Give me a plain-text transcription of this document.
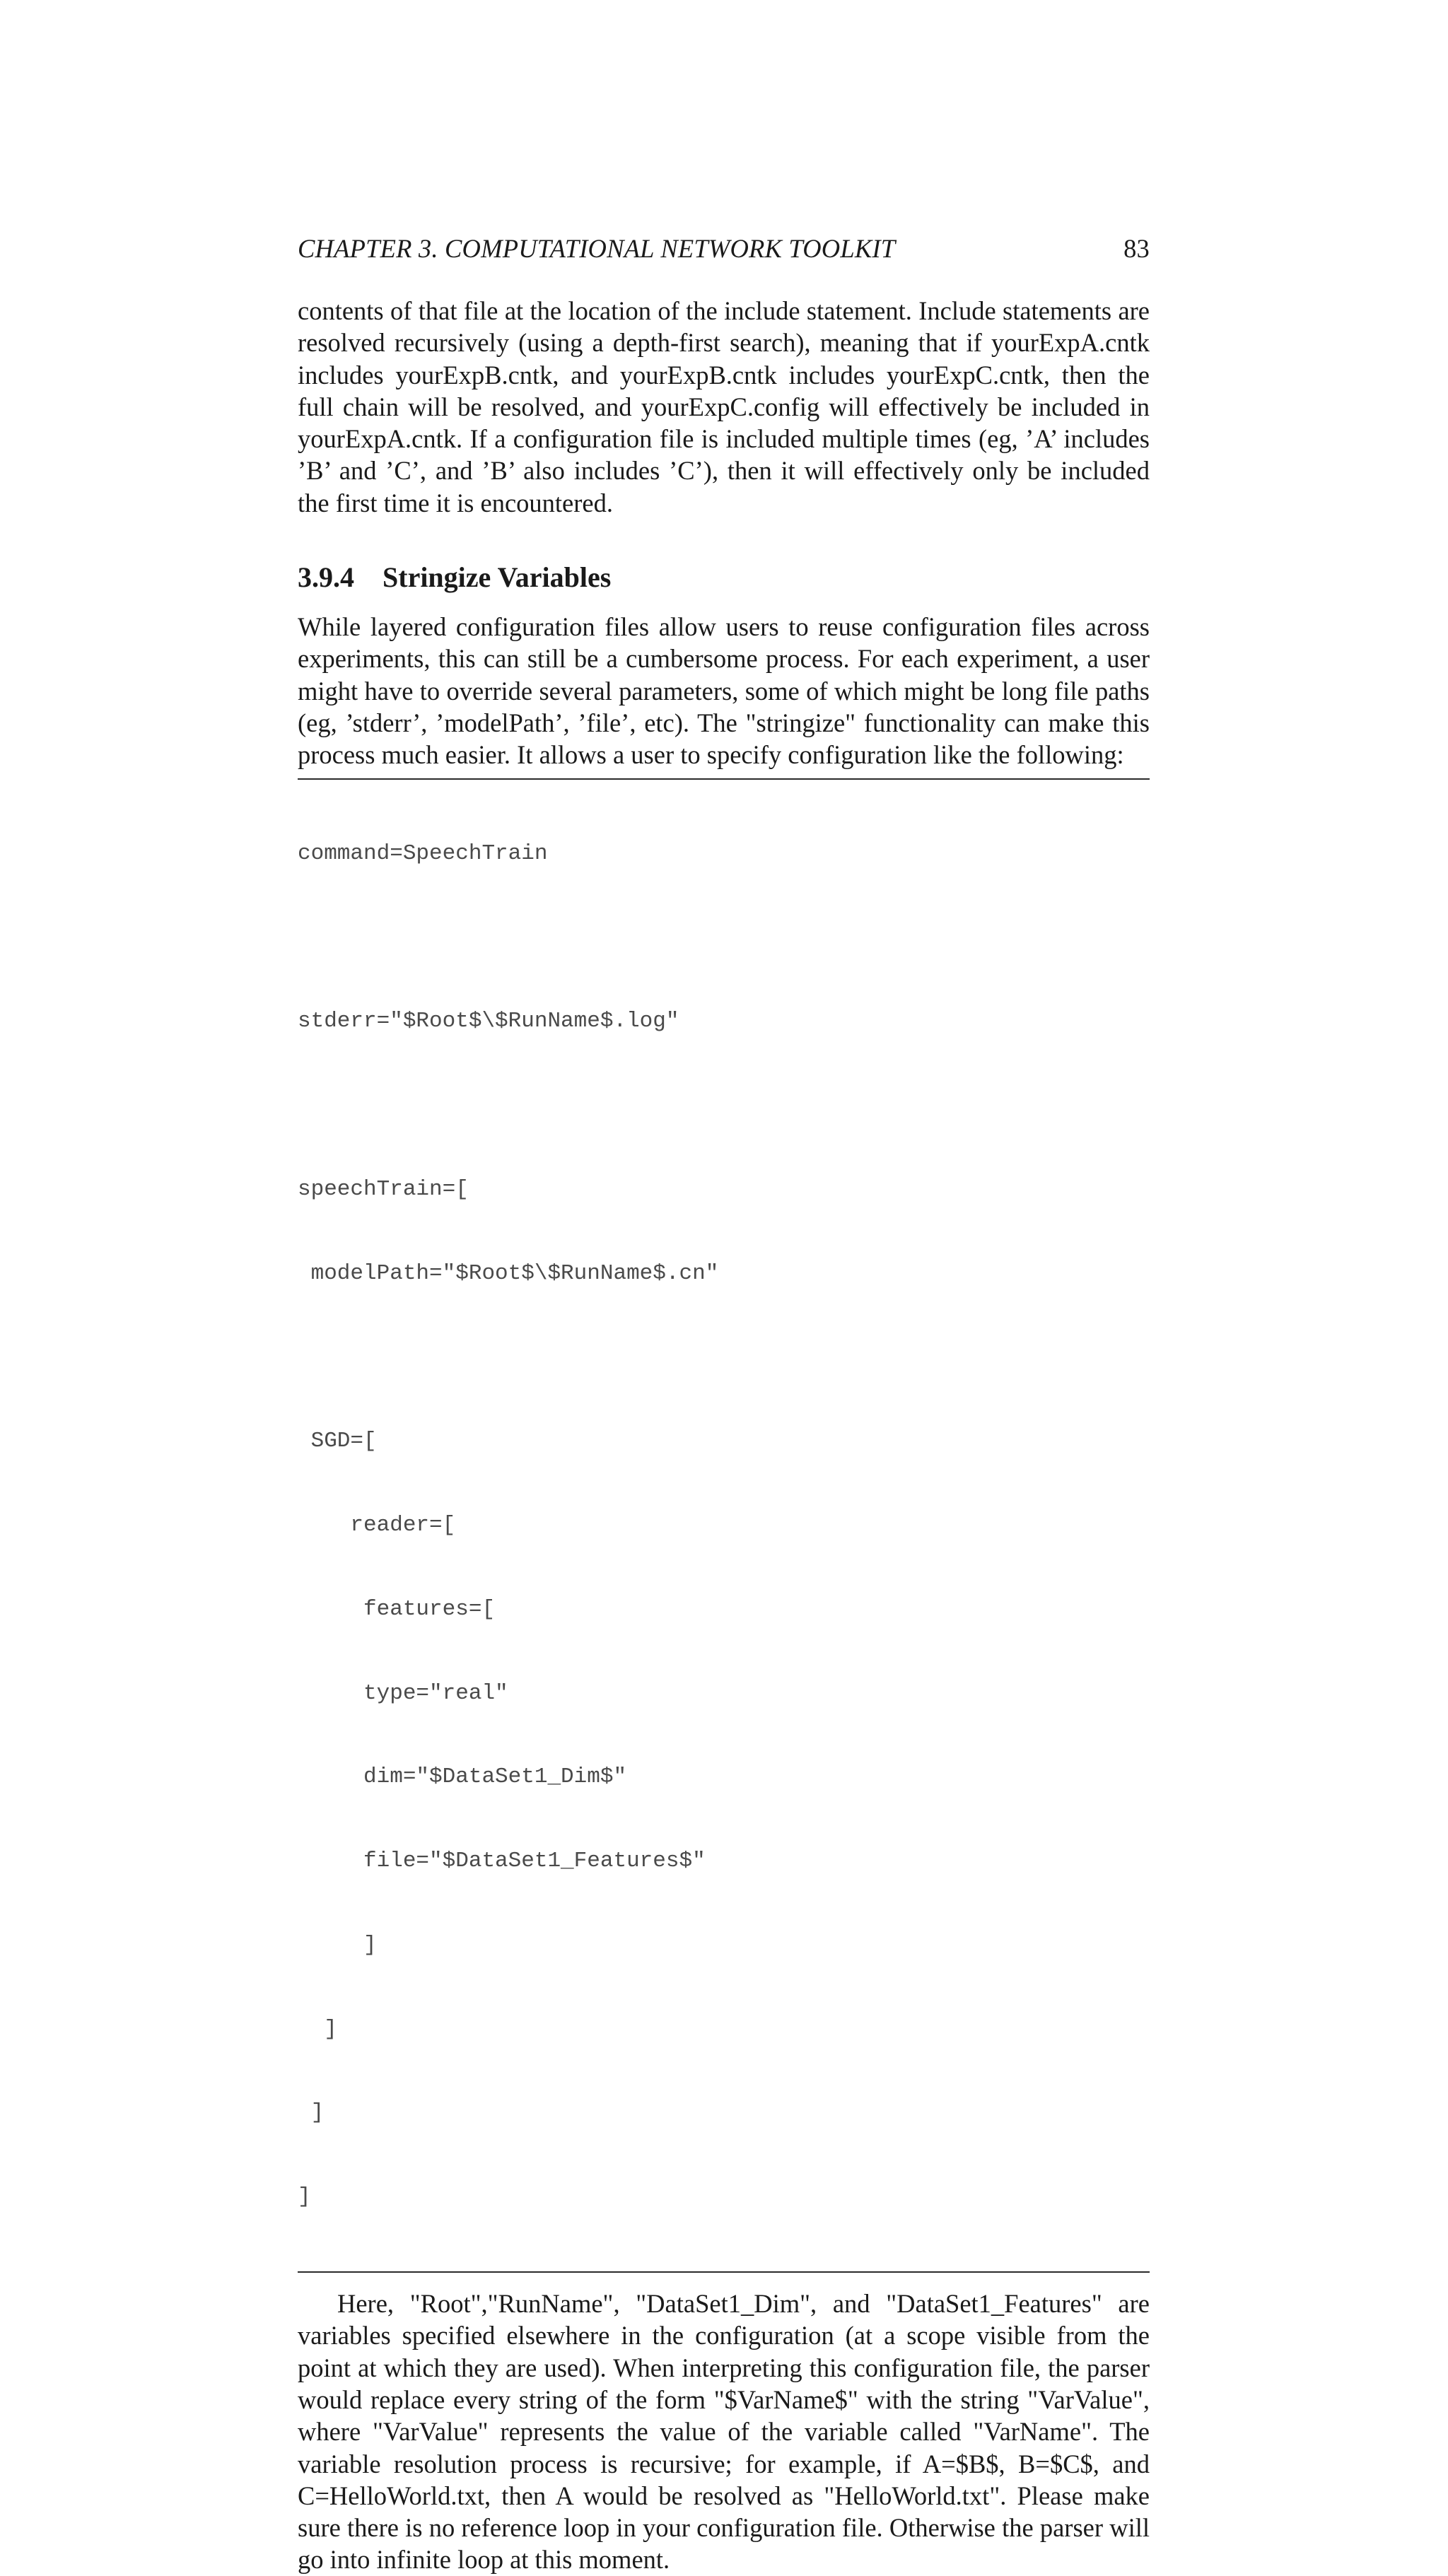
CHAPTER 3. COMPUTATIONAL NETWORK TOOLKIT	83

contents of that file at the location of the include statement. Include statements are resolved recursively (using a depth-first search), meaning that if yourExpA.cntk includes yourExpB.cntk, and yourExpB.cntk includes yourExpC.cntk, then the full chain will be resolved, and yourExpC.config will effectively be included in yourExpA.cntk. If a configuration file is included multiple times (eg, ’A’ includes ’B’ and ’C’, and ’B’ also includes ’C’), then it will effectively only be included the first time it is encountered.

3.9.4 Stringize Variables

While layered configuration files allow users to reuse configuration files across experiments, this can still be a cumbersome process. For each experiment, a user might have to override several parameters, some of which might be long file paths (eg, ’stderr’, ’modelPath’, ’file’, etc). The "stringize" functionality can make this process much easier. It allows a user to specify configuration like the following:

command=SpeechTrain

stderr="$Root$\$RunName$.log"

speechTrain=[

modelPath="$Root$\$RunName$.cn"

SGD=[

reader=[

features=[

type="real"

dim="$DataSet1_Dim$"

file="$DataSet1_Features$"

]

]

]

]

Here, "Root","RunName", "DataSet1_Dim", and "DataSet1_Features" are variables specified elsewhere in the configuration (at a scope visible from the point at which they are used). When interpreting this configuration file, the parser would replace every string of the form "$VarName$" with the string "VarValue", where "VarValue" represents the value of the variable called "VarName". The variable resolution process is recursive; for example, if A=$B$, B=$C$, and C=HelloWorld.txt, then A would be resolved as "HelloWorld.txt". Please make sure there is no reference loop in your configuration file. Otherwise the parser will go into infinite loop at this moment.
